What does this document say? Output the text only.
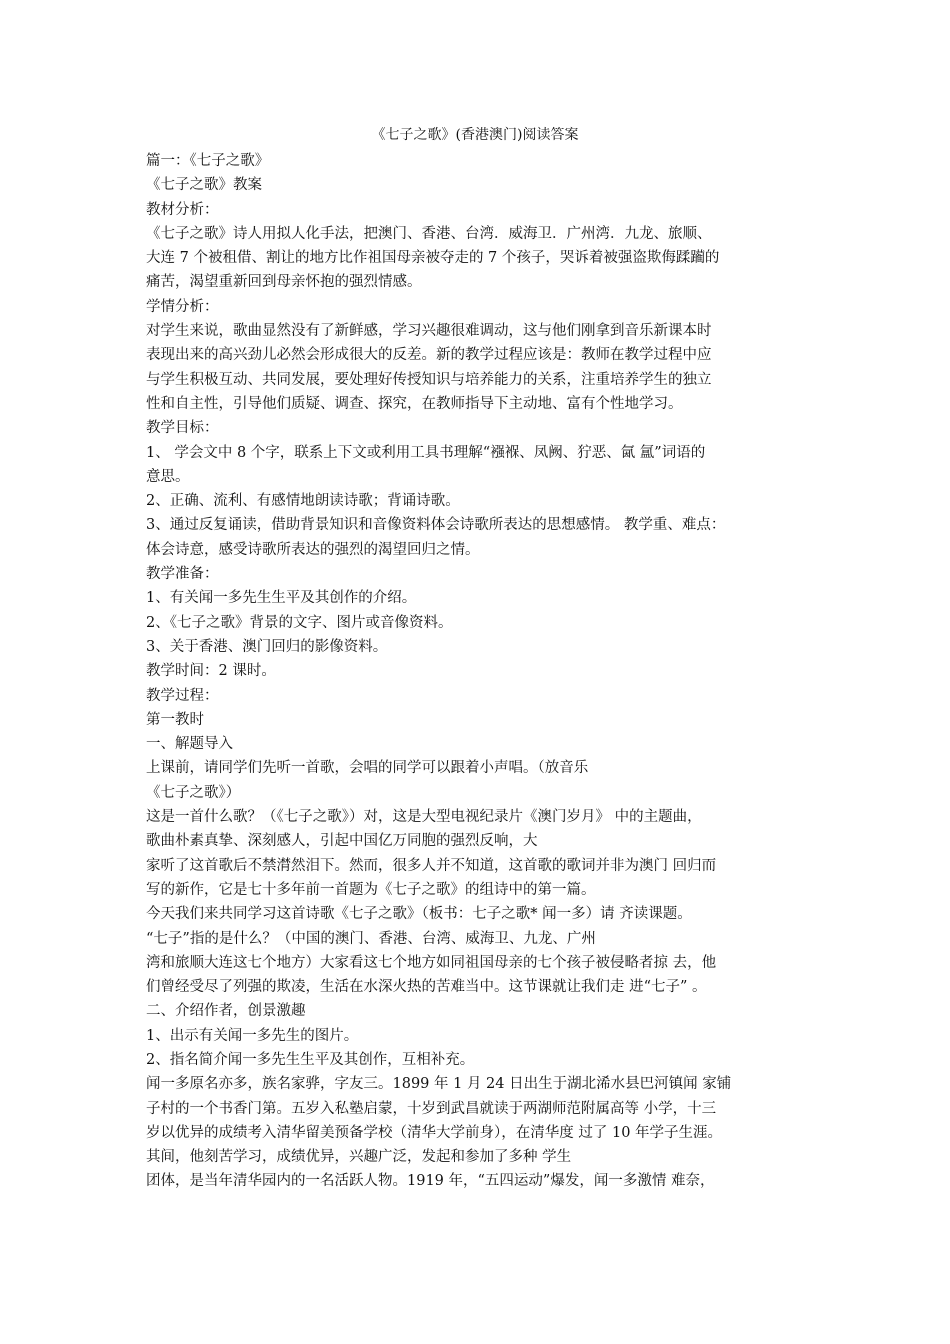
《七子之歌》(香港澳门)阅读答案
篇一：《七子之歌》
《七子之歌》教案
教材分析：
《七子之歌》诗人用拟人化手法，把澳门、香港、台湾．威海卫．广州湾．九龙、旅顺、
大连 7 个被租借、割让的地方比作祖国母亲被夺走的 7 个孩子，哭诉着被强盗欺侮蹂躏的
痛苦，渴望重新回到母亲怀抱的强烈情感。
学情分析：
对学生来说，歌曲显然没有了新鲜感，学习兴趣很难调动，这与他们刚拿到音乐新课本时
表现出来的高兴劲儿必然会形成很大的反差。新的教学过程应该是：教师在教学过程中应
与学生积极互动、共同发展，要处理好传授知识与培养能力的关系，注重培养学生的独立
性和自主性，引导他们质疑、调查、探究，在教师指导下主动地、富有个性地学习。
教学目标：
1、 学会文中 8 个字，联系上下文或利用工具书理解“襁褓、凤阙、狞恶、氤 氲”词语的
意思。
2、正确、流利、有感情地朗读诗歌；背诵诗歌。
3、通过反复诵读，借助背景知识和音像资料体会诗歌所表达的思想感情。 教学重、难点：
体会诗意，感受诗歌所表达的强烈的渴望回归之情。
教学准备：
1、有关闻一多先生生平及其创作的介绍。
2、《七子之歌》背景的文字、图片或音像资料。
3、关于香港、澳门回归的影像资料。
教学时间：2 课时。
教学过程：
第一教时
一、解题导入
上课前，请同学们先听一首歌，会唱的同学可以跟着小声唱。（放音乐
《七子之歌》）
这是一首什么歌？（《七子之歌》）对，这是大型电视纪录片《澳门岁月》 中的主题曲，
歌曲朴素真挚、深刻感人，引起中国亿万同胞的强烈反响，大
家听了这首歌后不禁潸然泪下。然而，很多人并不知道，这首歌的歌词并非为澳门 回归而
写的新作，它是七十多年前一首题为《七子之歌》的组诗中的第一篇。
今天我们来共同学习这首诗歌《七子之歌》（板书：七子之歌* 闻一多）请 齐读课题。
“七子”指的是什么？（中国的澳门、香港、台湾、威海卫、九龙、广州
湾和旅顺大连这七个地方）大家看这七个地方如同祖国母亲的七个孩子被侵略者掠 去，他
们曾经受尽了列强的欺凌，生活在水深火热的苦难当中。这节课就让我们走 进“七子” 。
二、介绍作者，创景激趣
1、出示有关闻一多先生的图片。
2、指名简介闻一多先生生平及其创作，互相补充。
闻一多原名亦多，族名家骅，字友三。1899 年 1 月 24 日出生于湖北浠水县巴河镇闻 家铺
子村的一个书香门第。五岁入私塾启蒙，十岁到武昌就读于两湖师范附属高等 小学，十三
岁以优异的成绩考入清华留美预备学校（清华大学前身），在清华度 过了 10 年学子生涯。
其间，他刻苦学习，成绩优异，兴趣广泛，发起和参加了多种 学生
团体，是当年清华园内的一名活跃人物。1919 年，“五四运动”爆发，闻一多激情 难奈，
